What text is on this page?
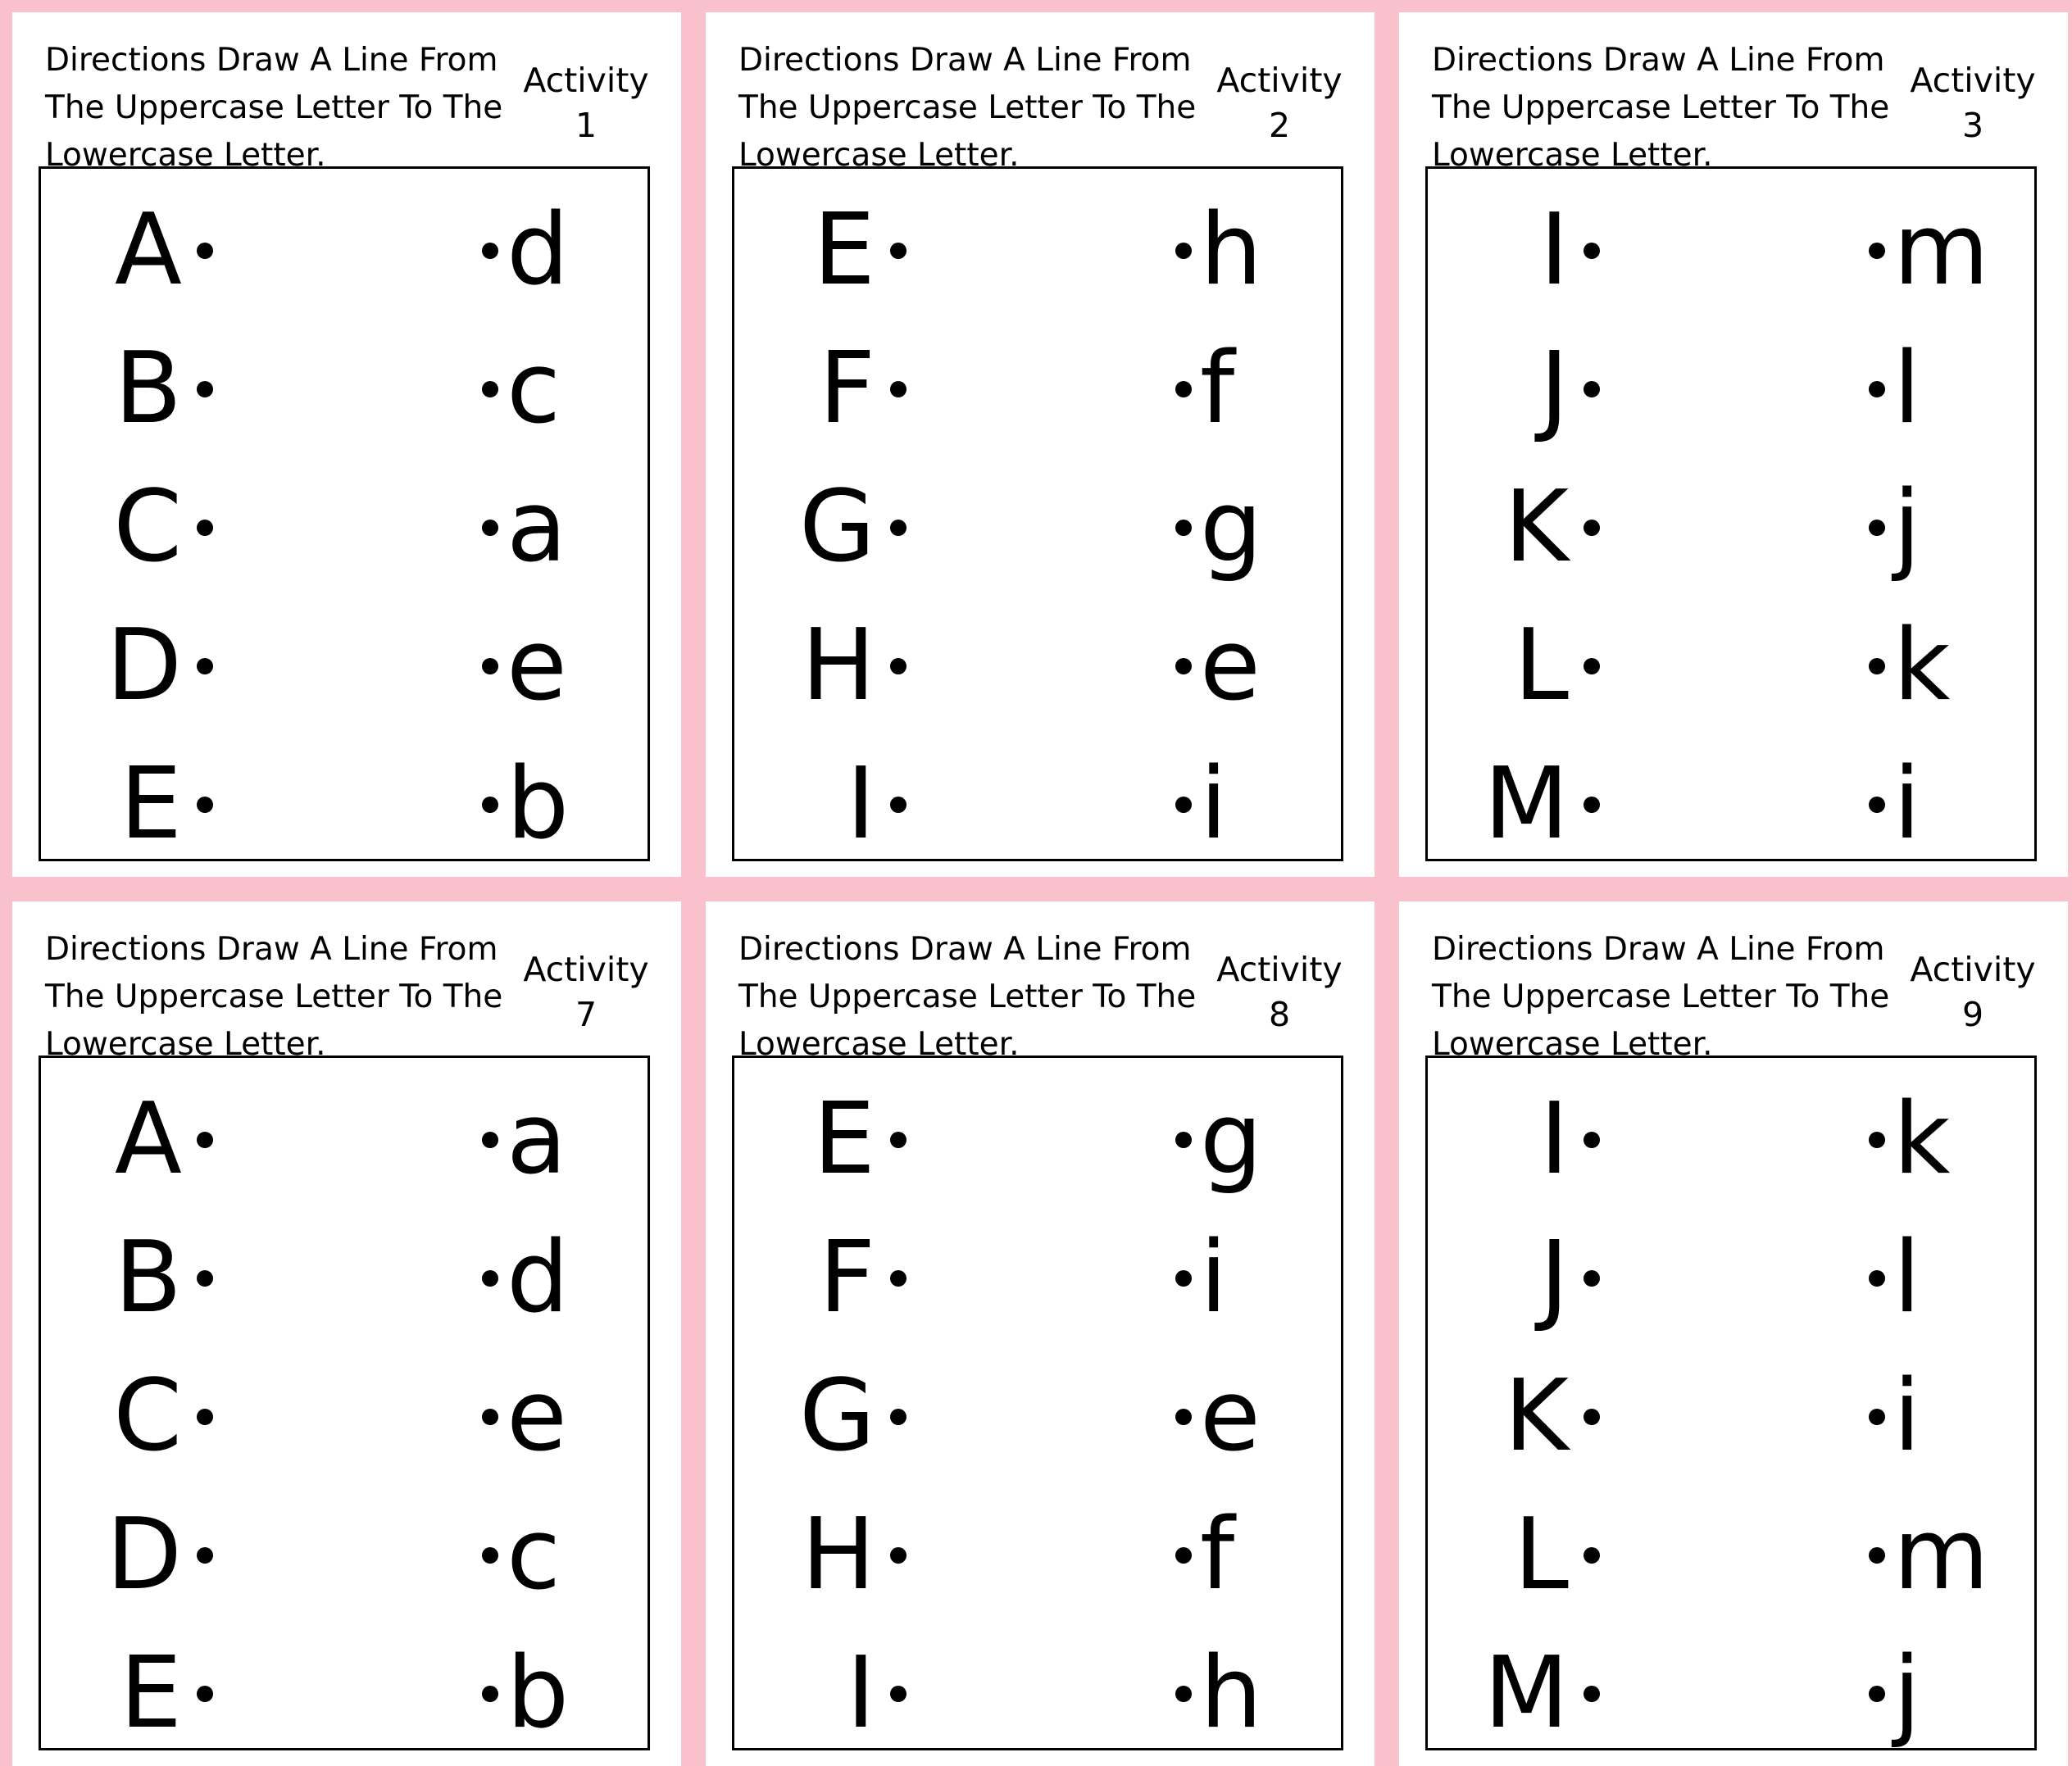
Directions Draw A Line From
The Uppercase Letter To The
Lowercase Letter.
Activity
1
A	d
B	c
C	a
D	e
E	b
Directions Draw A Line From
The Uppercase Letter To The
Lowercase Letter.
Activity
2
E	h
F	f
G	g
H	e
I	i
Directions Draw A Line From
The Uppercase Letter To The
Lowercase Letter.
Activity
3
I	m
J	l
K	j
L	k
M	i
Directions Draw A Line From
The Uppercase Letter To The
Lowercase Letter.
Activity
7
A	a
B	d
C	e
D	c
E	b
Directions Draw A Line From
The Uppercase Letter To The
Lowercase Letter.
Activity
8
E	g
F	i
G	e
H	f
I	h
Directions Draw A Line From
The Uppercase Letter To The
Lowercase Letter.
Activity
9
I	k
J	l
K	i
L	m
M	j
